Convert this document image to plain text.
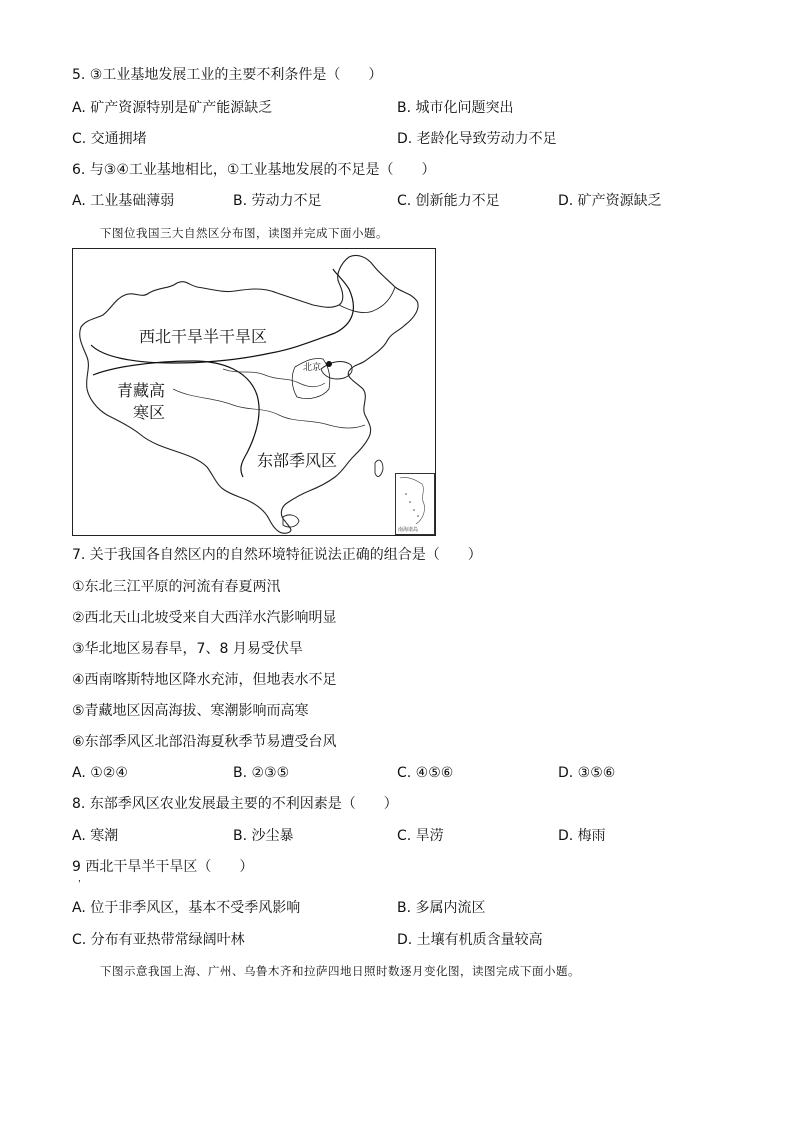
5. ③工业基地发展工业的主要不利条件是（　　）
A. 矿产资源特别是矿产能源缺乏	B. 城市化问题突出
C. 交通拥堵	D. 老龄化导致劳动力不足
6. 与③④工业基地相比，①工业基地发展的不足是（　　）
A. 工业基础薄弱	B. 劳动力不足	C. 创新能力不足	D. 矿产资源缺乏
下图位我国三大自然区分布图，读图并完成下面小题。
西北干旱半干旱区
青藏高
寒区
东部季风区
北京
南海诸岛
7. 关于我国各自然区内的自然环境特征说法正确的组合是（　　）
①东北三江平原的河流有春夏两汛
②西北天山北坡受来自大西洋水汽影响明显
③华北地区易春旱，7、8 月易受伏旱
④西南喀斯特地区降水充沛，但地表水不足
⑤青藏地区因高海拔、寒潮影响而高寒
⑥东部季风区北部沿海夏秋季节易遭受台风
A. ①②④	B. ②③⑤	C. ④⑤⑥	D. ③⑤⑥
8. 东部季风区农业发展最主要的不利因素是（　　）
A. 寒潮	B. 沙尘暴	C. 旱涝	D. 梅雨
9 西北干旱半干旱区（　　）
，
A. 位于非季风区，基本不受季风影响	B. 多属内流区
C. 分布有亚热带常绿阔叶林	D. 土壤有机质含量较高
下图示意我国上海、广州、乌鲁木齐和拉萨四地日照时数逐月变化图，读图完成下面小题。
